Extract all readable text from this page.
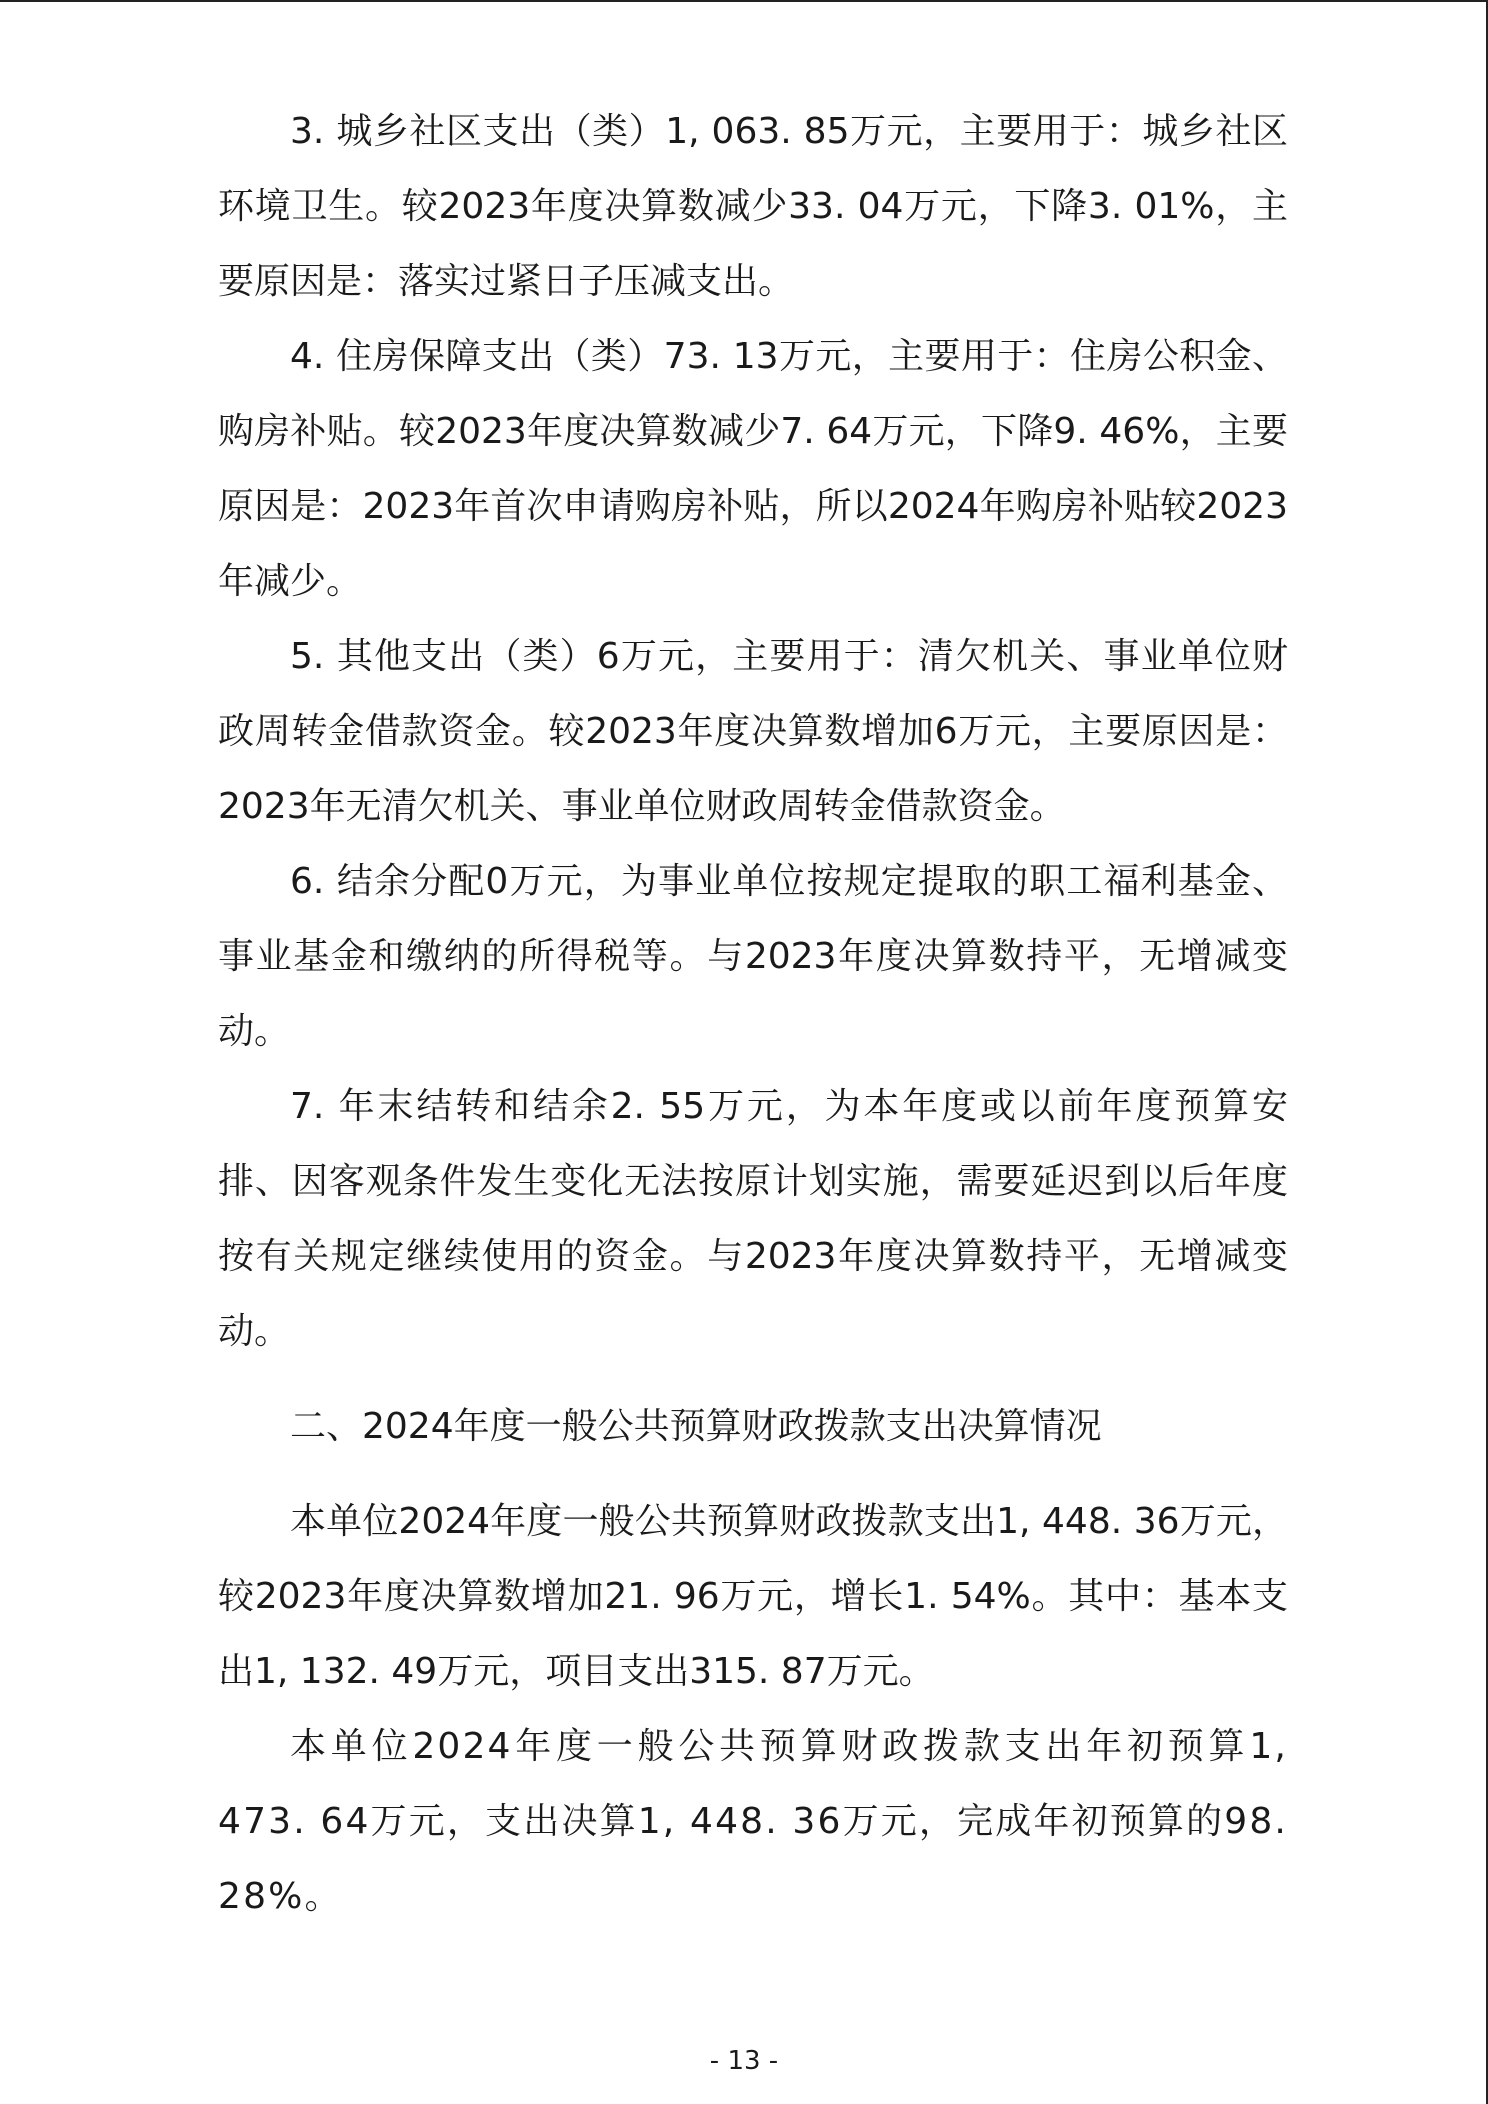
3. 城乡社区支出（类）1, 063. 85万元，主要用于：城乡社区环境卫生。较2023年度决算数减少33. 04万元，下降3. 01%，主要原因是：落实过紧日子压减支出。

4. 住房保障支出（类）73. 13万元，主要用于：住房公积金、购房补贴。较2023年度决算数减少7. 64万元，下降9. 46%，主要原因是：2023年首次申请购房补贴，所以2024年购房补贴较2023年减少。

5. 其他支出（类）6万元，主要用于：清欠机关、事业单位财政周转金借款资金。较2023年度决算数增加6万元，主要原因是：2023年无清欠机关、事业单位财政周转金借款资金。

6. 结余分配0万元，为事业单位按规定提取的职工福利基金、事业基金和缴纳的所得税等。与2023年度决算数持平，无增减变动。

7. 年末结转和结余2. 55万元，为本年度或以前年度预算安排、因客观条件发生变化无法按原计划实施，需要延迟到以后年度按有关规定继续使用的资金。与2023年度决算数持平，无增减变动。

二、2024年度一般公共预算财政拨款支出决算情况

本单位2024年度一般公共预算财政拨款支出1, 448. 36万元，较2023年度决算数增加21. 96万元，增长1. 54%。其中：基本支出1, 132. 49万元，项目支出315. 87万元。

本单位2024年度一般公共预算财政拨款支出年初预算1, 473. 64万元，支出决算1, 448. 36万元，完成年初预算的98. 28%。

- 13 -
